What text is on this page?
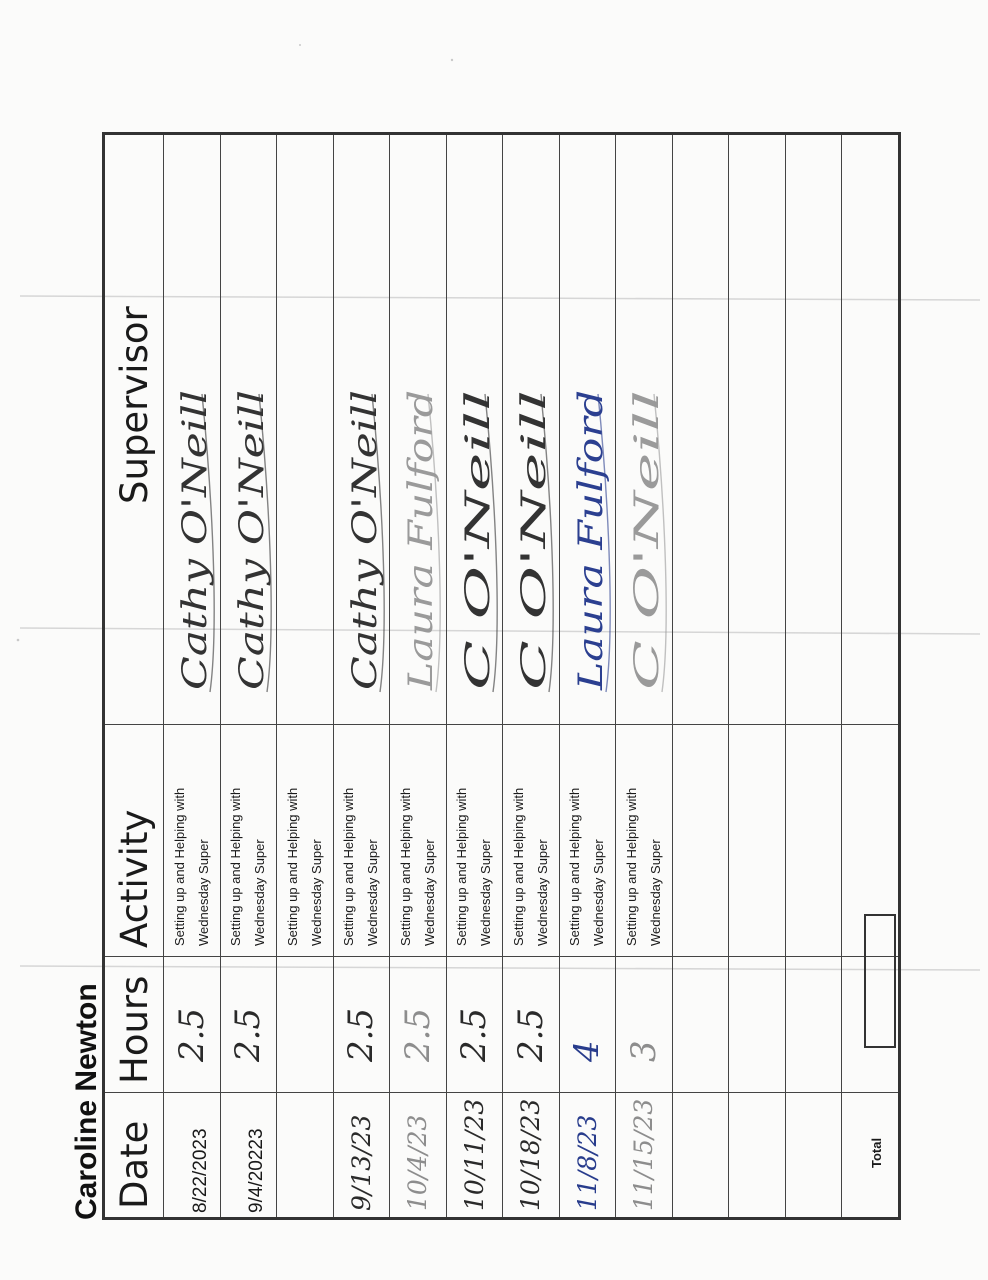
Caroline Newton Date	Hours	Activity	Supervisor

8/22/2023	2.5	Setting up and Helping with Wednesday Super	Cathy O'Neill

9/4/20223	2.5	Setting up and Helping with Wednesday Super	Cathy O'Neill

		Setting up and Helping with Wednesday Super	

9/13/23	2.5	Setting up and Helping with Wednesday Super	Cathy O'Neill

10/4/23	2.5	Setting up and Helping with Wednesday Super	Laura Fulford

10/11/23	2.5	Setting up and Helping with Wednesday Super	C O'Neill

10/18/23	2.5	Setting up and Helping with Wednesday Super	C O'Neill

11/8/23	4	Setting up and Helping with Wednesday Super	Laura Fulford

11/15/23	3	Setting up and Helping with Wednesday Super	C O'Neill

Total
